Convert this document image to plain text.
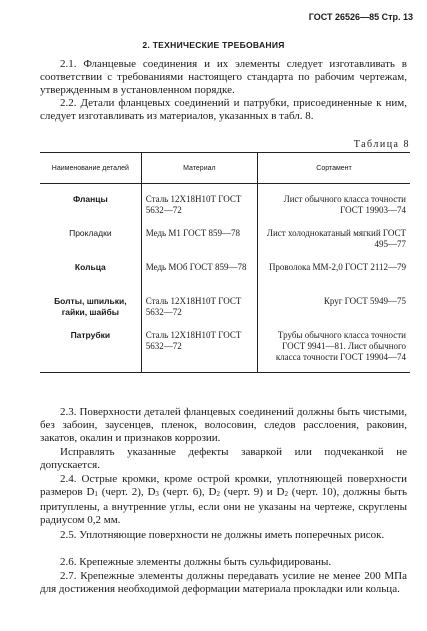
ГОСТ 26526—85 Стр. 13
2. ТЕХНИЧЕСКИЕ ТРЕБОВАНИЯ
2.1. Фланцевые соединения и их элементы следует изготавливать в соответствии с требованиями настоящего стандарта по рабочим чертежам, утвержденным в установленном порядке.
2.2. Детали фланцевых соединений и патрубки, присоединенные к ним, следует изготавливать из материалов, указанных в табл. 8.
Таблица 8
Наименование деталей	Материал	Сортамент

Фланцы	Сталь 12Х18Н10Т ГОСТ 5632—72	Лист обычного класса точности ГОСТ 19903—74

Прокладки	Медь М1 ГОСТ 859—78	Лист холоднокатаный мягкий ГОСТ 495—77

Кольца	Медь МОб ГОСТ 859—78	Проволока ММ-2,0 ГОСТ 2112—79

Болты, шпильки, гайки, шайбы	Сталь 12Х18Н10Т ГОСТ 5632—72	Круг ГОСТ 5949—75

Патрубки	Сталь 12Х18Н10Т ГОСТ 5632—72	Трубы обычного класса точности ГОСТ 9941—81. Лист обычного класса точности ГОСТ 19904—74
2.3. Поверхности деталей фланцевых соединений должны быть чистыми, без забоин, заусенцев, пленок, волосовин, следов расслоения, раковин, закатов, окалин и признаков коррозии.
Исправлять указанные дефекты заваркой или подчеканкой не допускается.
2.4. Острые кромки, кроме острой кромки, уплотняющей поверхности размеров D1 (черт. 2), D3 (черт. 6), D2 (черт. 9) и D2 (черт. 10), должны быть притуплены, а внутренние углы, если они не указаны на чертеже, скруглены радиусом 0,2 мм.
2.5. Уплотняющие поверхности не должны иметь поперечных рисок.
2.6. Крепежные элементы должны быть сульфидированы.
2.7. Крепежные элементы должны передавать усилие не менее 200 МПа для достижения необходимой деформации материала прокладки или кольца.
